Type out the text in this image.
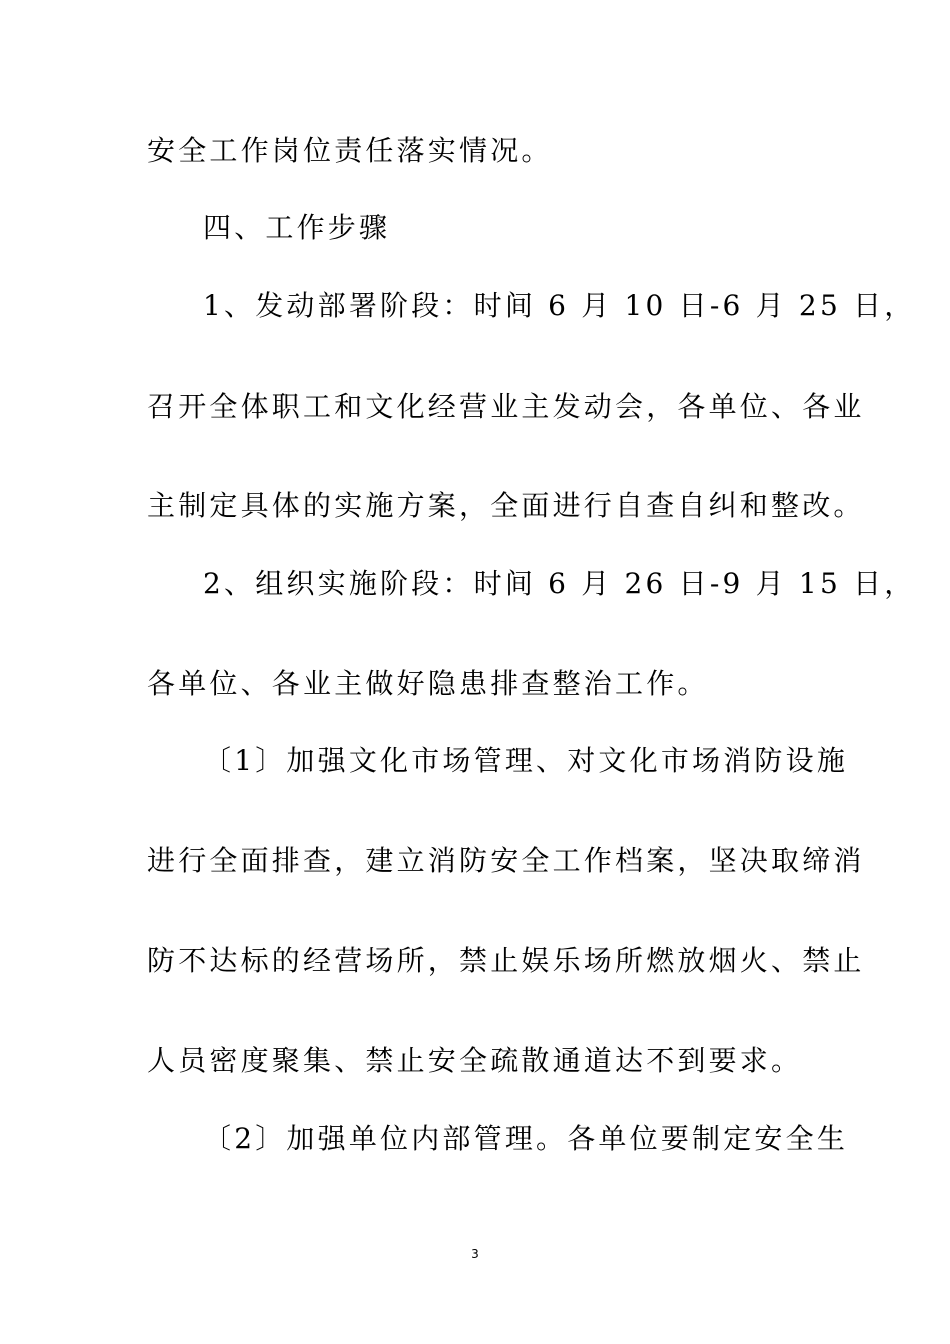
安全工作岗位责任落实情况。
四、工作步骤
1、发动部署阶段：时间 6 月 10 日-6 月 25 日，
召开全体职工和文化经营业主发动会，各单位、各业
主制定具体的实施方案，全面进行自查自纠和整改。
2、组织实施阶段：时间 6 月 26 日-9 月 15 日，
各单位、各业主做好隐患排查整治工作。
〔1〕加强文化市场管理、对文化市场消防设施
进行全面排查，建立消防安全工作档案，坚决取缔消
防不达标的经营场所，禁止娱乐场所燃放烟火、禁止
人员密度聚集、禁止安全疏散通道达不到要求。
〔2〕加强单位内部管理。各单位要制定安全生
3
